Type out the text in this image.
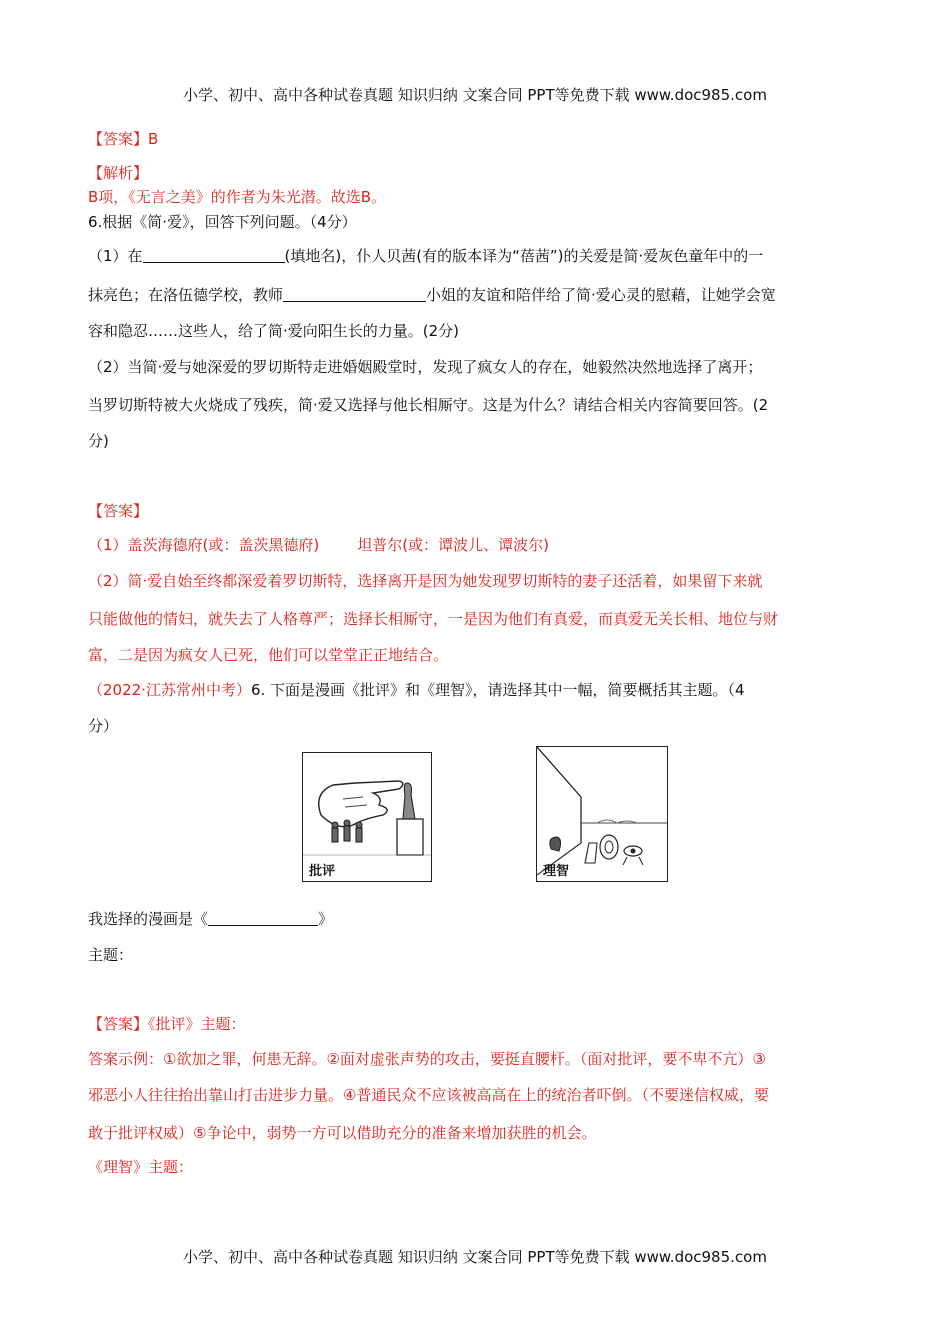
小学、初中、高中各种试卷真题 知识归纳 文案合同 PPT等免费下载 www.doc985.com
【答案】B
【解析】
B项，《无言之美》的作者为朱光潜。故选B。
6.根据《简·爱》，回答下列问题。（4分）
（1）在	(填地名)，仆人贝茜(有的版本译为“蓓茜”)的关爱是简·爱灰色童年中的一
抹亮色；在洛伍德学校，教师	小姐的友谊和陪伴给了简·爱心灵的慰藉，让她学会宽
容和隐忍……这些人，给了简·爱向阳生长的力量。(2分)
（2）当简·爱与她深爱的罗切斯特走进婚姻殿堂时，发现了疯女人的存在，她毅然决然地选择了离开；
当罗切斯特被大火烧成了残疾，简·爱又选择与他长相厮守。这是为什么？请结合相关内容简要回答。(2
分)
【答案】
（1）盖茨海德府(或：盖茨黑德府)	坦普尔(或：谭波儿、谭波尔)
（2）简·爱自始至终都深爱着罗切斯特，选择离开是因为她发现罗切斯特的妻子还活着，如果留下来就
只能做他的情妇，就失去了人格尊严；选择长相厮守，一是因为他们有真爱，而真爱无关长相、地位与财
富，二是因为疯女人已死，他们可以堂堂正正地结合。
（2022·江苏常州中考）6. 下面是漫画《批评》和《理智》，请选择其中一幅，简要概括其主题。（4
分）
批评	理智
我选择的漫画是《	》
主题：
【答案】《批评》主题：
答案示例：①欲加之罪，何患无辞。②面对虚张声势的攻击，要挺直腰杆。（面对批评，要不卑不亢）③
邪恶小人往往抬出靠山打击进步力量。④普通民众不应该被高高在上的统治者吓倒。（不要迷信权威，要
敢于批评权威）⑤争论中，弱势一方可以借助充分的准备来增加获胜的机会。
《理智》主题：
小学、初中、高中各种试卷真题 知识归纳 文案合同 PPT等免费下载 www.doc985.com
